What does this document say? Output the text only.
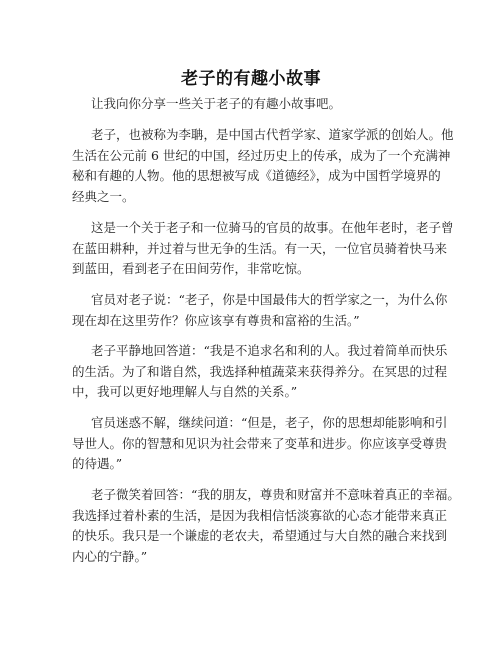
老子的有趣小故事
让我向你分享一些关于老子的有趣小故事吧。
老子，也被称为李聃，是中国古代哲学家、道家学派的创始人。他
生活在公元前 6 世纪的中国，经过历史上的传承，成为了一个充满神
秘和有趣的人物。他的思想被写成《道德经》，成为中国哲学境界的
经典之一。
这是一个关于老子和一位骑马的官员的故事。在他年老时，老子曾
在蓝田耕种，并过着与世无争的生活。有一天，一位官员骑着快马来
到蓝田，看到老子在田间劳作，非常吃惊。
官员对老子说：“老子，你是中国最伟大的哲学家之一，为什么你
现在却在这里劳作？你应该享有尊贵和富裕的生活。”
老子平静地回答道：“我是不追求名和利的人。我过着简单而快乐
的生活。为了和谐自然，我选择种植蔬菜来获得养分。在冥思的过程
中，我可以更好地理解人与自然的关系。”
官员迷惑不解，继续问道：“但是，老子，你的思想却能影响和引
导世人。你的智慧和见识为社会带来了变革和进步。你应该享受尊贵
的待遇。”
老子微笑着回答：“我的朋友，尊贵和财富并不意味着真正的幸福。
我选择过着朴素的生活，是因为我相信恬淡寡欲的心态才能带来真正
的快乐。我只是一个谦虚的老农夫，希望通过与大自然的融合来找到
内心的宁静。”
